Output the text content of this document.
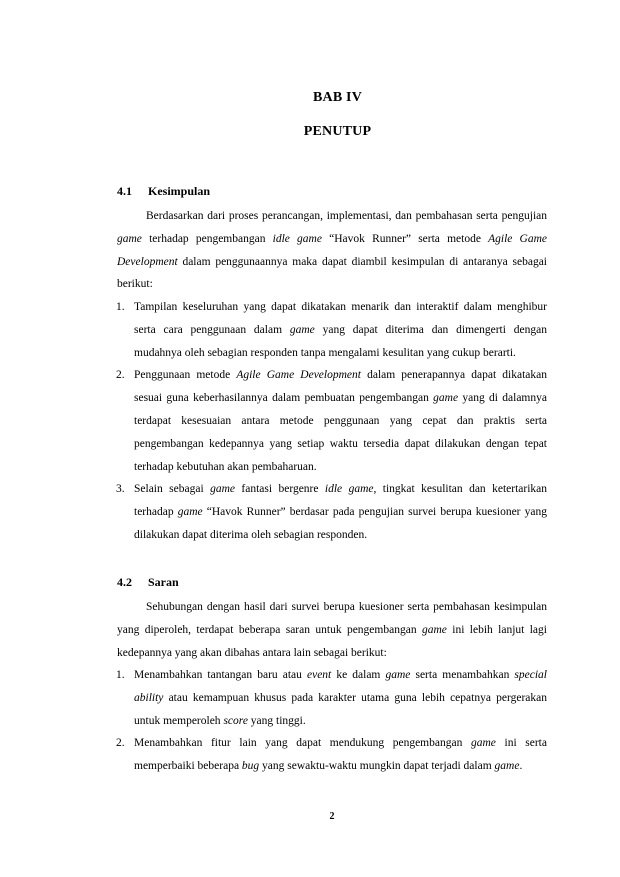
BAB IV
PENUTUP
4.1 Kesimpulan
Berdasarkan dari proses perancangan, implementasi, dan pembahasan serta pengujian game terhadap pengembangan idle game “Havok Runner” serta metode Agile Game Development dalam penggunaannya maka dapat diambil kesimpulan di antaranya sebagai berikut:
1. Tampilan keseluruhan yang dapat dikatakan menarik dan interaktif dalam menghibur serta cara penggunaan dalam game yang dapat diterima dan dimengerti dengan mudahnya oleh sebagian responden tanpa mengalami kesulitan yang cukup berarti.
2. Penggunaan metode Agile Game Development dalam penerapannya dapat dikatakan sesuai guna keberhasilannya dalam pembuatan pengembangan game yang di dalamnya terdapat kesesuaian antara metode penggunaan yang cepat dan praktis serta pengembangan kedepannya yang setiap waktu tersedia dapat dilakukan dengan tepat terhadap kebutuhan akan pembaharuan.
3. Selain sebagai game fantasi bergenre idle game, tingkat kesulitan dan ketertarikan terhadap game “Havok Runner” berdasar pada pengujian survei berupa kuesioner yang dilakukan dapat diterima oleh sebagian responden.
4.2 Saran
Sehubungan dengan hasil dari survei berupa kuesioner serta pembahasan kesimpulan yang diperoleh, terdapat beberapa saran untuk pengembangan game ini lebih lanjut lagi kedepannya yang akan dibahas antara lain sebagai berikut:
1. Menambahkan tantangan baru atau event ke dalam game serta menambahkan special ability atau kemampuan khusus pada karakter utama guna lebih cepatnya pergerakan untuk memperoleh score yang tinggi.
2. Menambahkan fitur lain yang dapat mendukung pengembangan game ini serta memperbaiki beberapa bug yang sewaktu-waktu mungkin dapat terjadi dalam game.
2
